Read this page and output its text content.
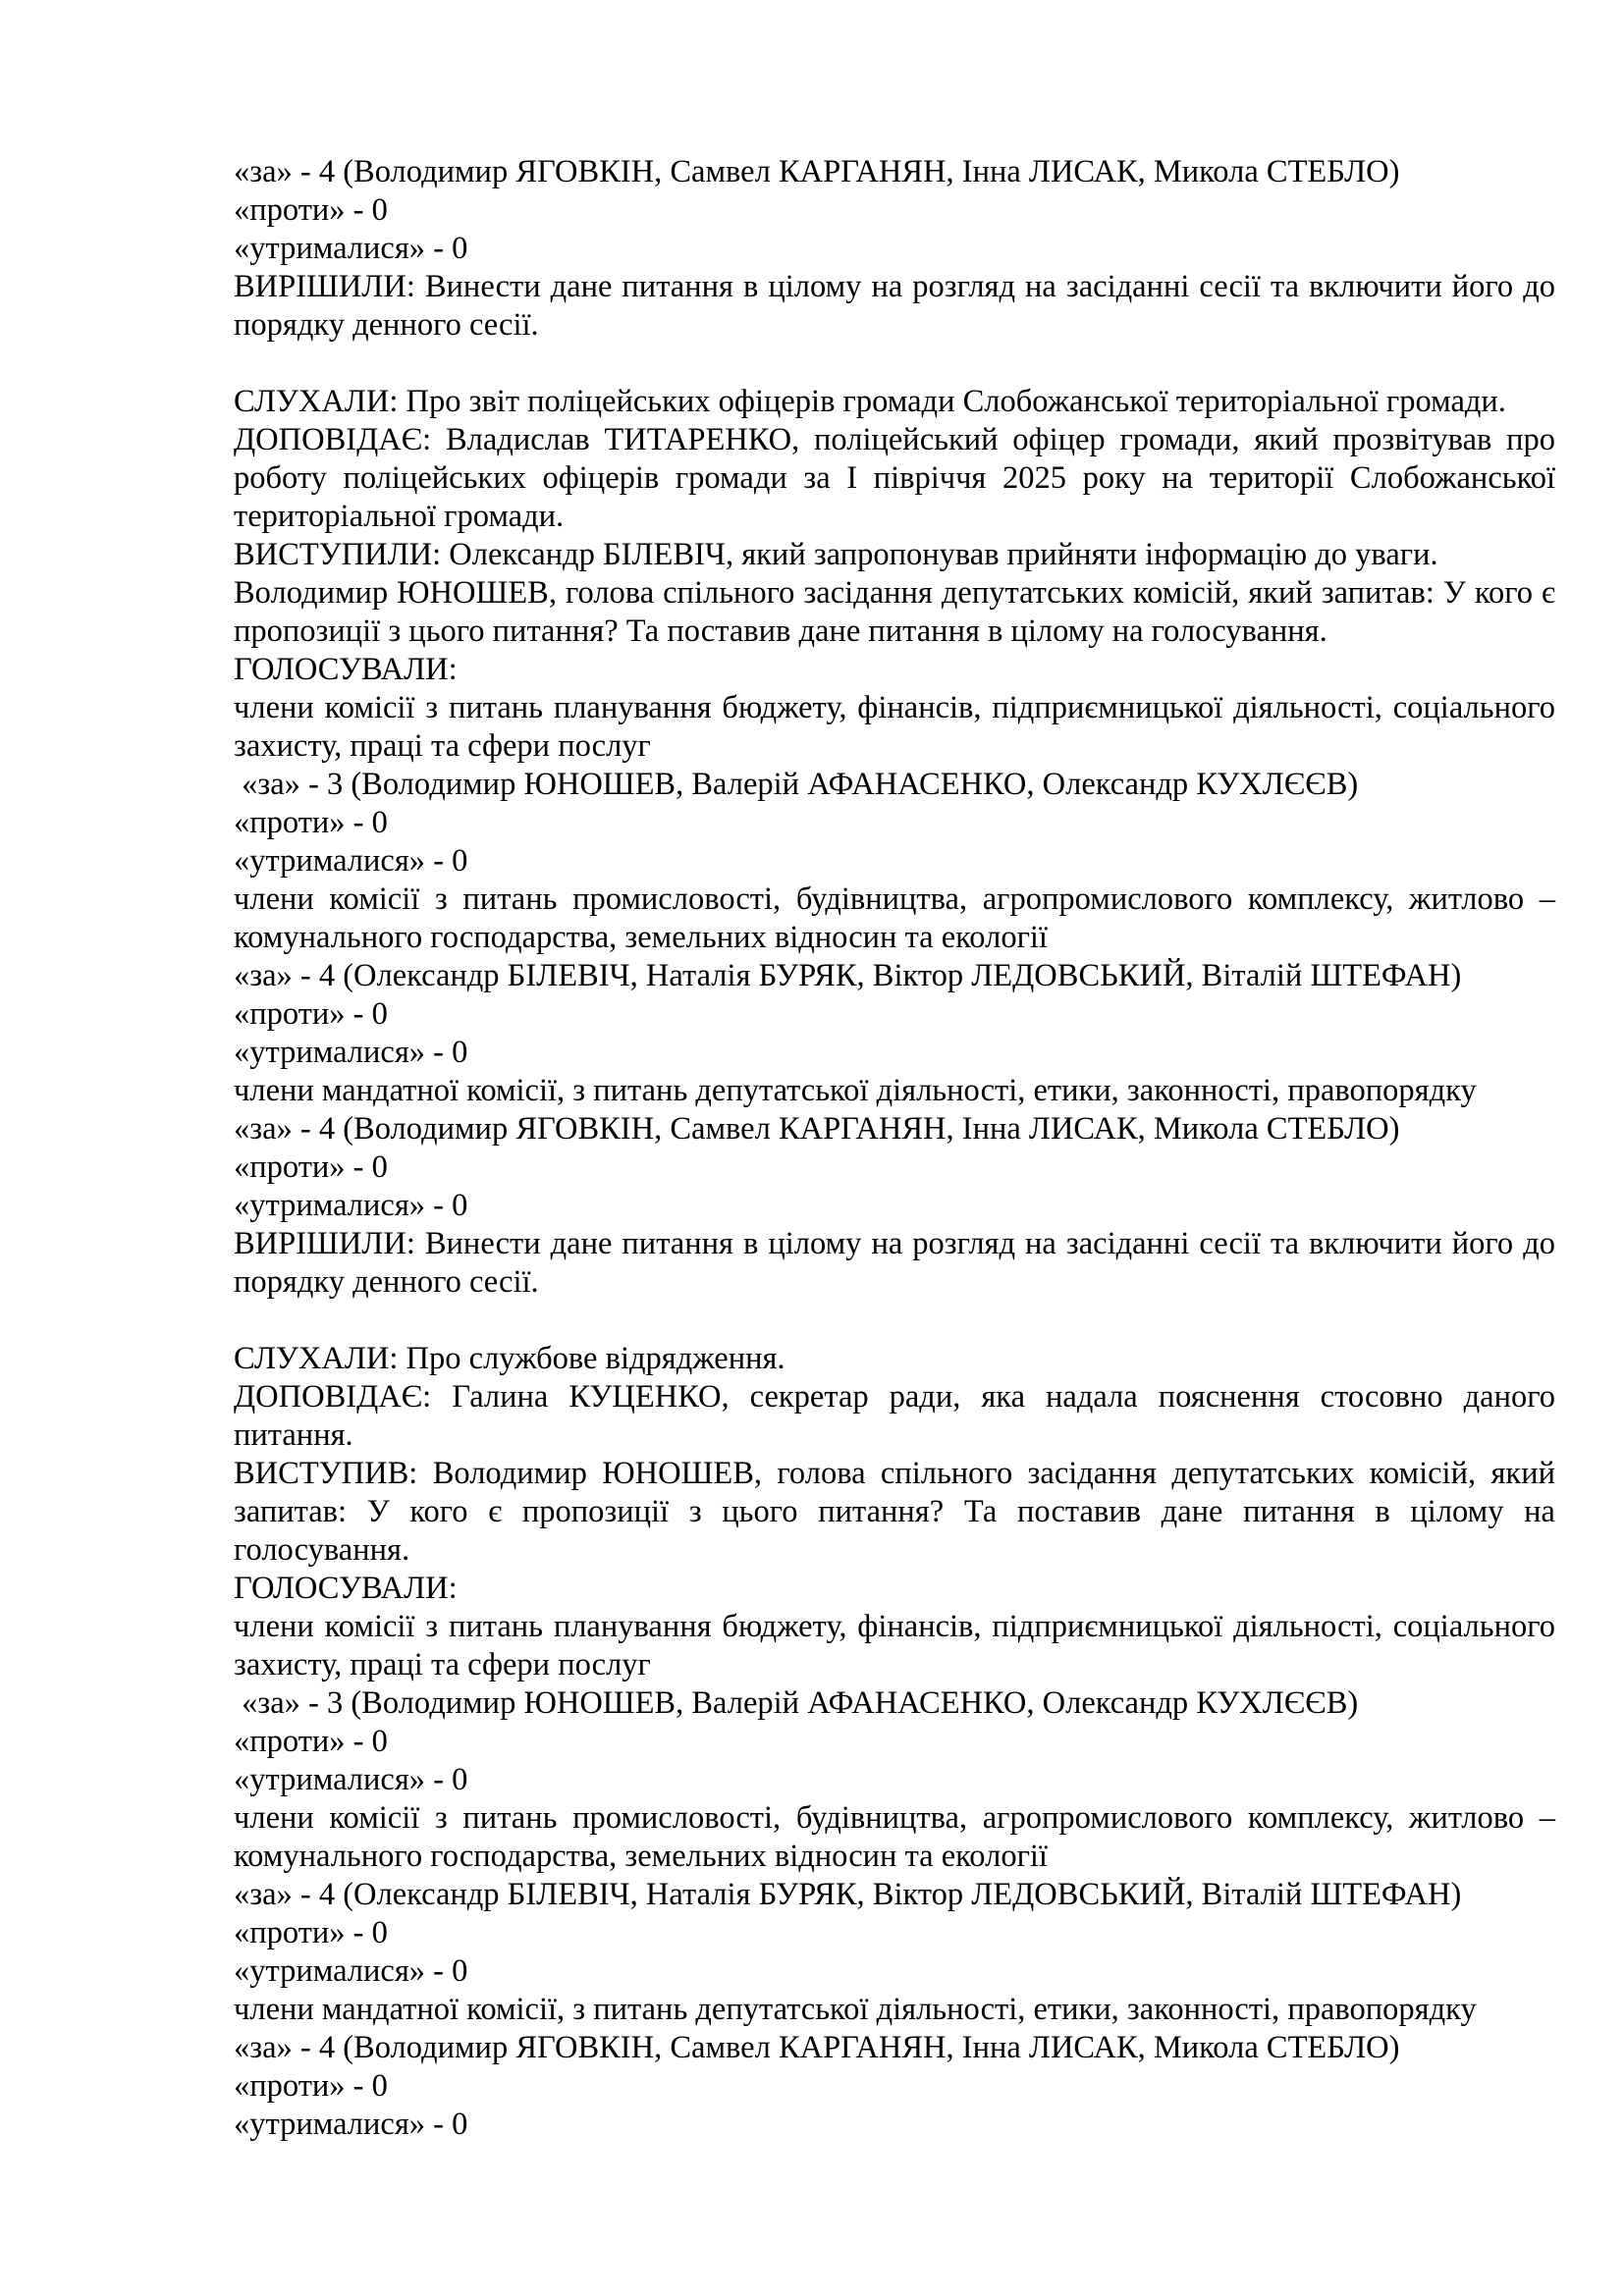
«за» - 4 (Володимир ЯГОВКІН, Самвел КАРГАНЯН, Інна ЛИСАК, Микола СТЕБЛО)

«проти» - 0

«утрималися» - 0

ВИРІШИЛИ: Винести дане питання в цілому на розгляд на засіданні сесії та включити його до порядку денного сесії.

СЛУХАЛИ: Про звіт поліцейських офіцерів громади Слобожанської територіальної громади.

ДОПОВІДАЄ: Владислав ТИТАРЕНКО, поліцейський офіцер громади, який прозвітував про роботу поліцейських офіцерів громади за І півріччя 2025 року на території Слобожанської територіальної громади.

ВИСТУПИЛИ: Олександр БІЛЕВІЧ, який запропонував прийняти інформацію до уваги.

Володимир ЮНОШЕВ, голова спільного засідання депутатських комісій, який запитав: У кого є пропозиції з цього питання? Та поставив дане питання в цілому на голосування.

ГОЛОСУВАЛИ:

члени комісії з питань планування бюджету, фінансів, підприємницької діяльності, соціального захисту, праці та сфери послуг

«за» - 3 (Володимир ЮНОШЕВ, Валерій АФАНАСЕНКО, Олександр КУХЛЄЄВ)

«проти» - 0

«утрималися» - 0

члени комісії з питань промисловості, будівництва, агропромислового комплексу, житлово – комунального господарства, земельних відносин та екології

«за» - 4 (Олександр БІЛЕВІЧ, Наталія БУРЯК, Віктор ЛЕДОВСЬКИЙ, Віталій ШТЕФАН)

«проти» - 0

«утрималися» - 0

члени мандатної комісії, з питань депутатської діяльності, етики, законності, правопорядку

«за» - 4 (Володимир ЯГОВКІН, Самвел КАРГАНЯН, Інна ЛИСАК, Микола СТЕБЛО)

«проти» - 0

«утрималися» - 0

ВИРІШИЛИ: Винести дане питання в цілому на розгляд на засіданні сесії та включити його до порядку денного сесії.

СЛУХАЛИ: Про службове відрядження.

ДОПОВІДАЄ: Галина КУЦЕНКО, секретар ради, яка надала пояснення стосовно даного питання.

ВИСТУПИВ: Володимир ЮНОШЕВ, голова спільного засідання депутатських комісій, який запитав: У кого є пропозиції з цього питання? Та поставив дане питання в цілому на голосування.

ГОЛОСУВАЛИ:

члени комісії з питань планування бюджету, фінансів, підприємницької діяльності, соціального захисту, праці та сфери послуг

«за» - 3 (Володимир ЮНОШЕВ, Валерій АФАНАСЕНКО, Олександр КУХЛЄЄВ)

«проти» - 0

«утрималися» - 0

члени комісії з питань промисловості, будівництва, агропромислового комплексу, житлово – комунального господарства, земельних відносин та екології

«за» - 4 (Олександр БІЛЕВІЧ, Наталія БУРЯК, Віктор ЛЕДОВСЬКИЙ, Віталій ШТЕФАН)

«проти» - 0

«утрималися» - 0

члени мандатної комісії, з питань депутатської діяльності, етики, законності, правопорядку

«за» - 4 (Володимир ЯГОВКІН, Самвел КАРГАНЯН, Інна ЛИСАК, Микола СТЕБЛО)

«проти» - 0

«утрималися» - 0
